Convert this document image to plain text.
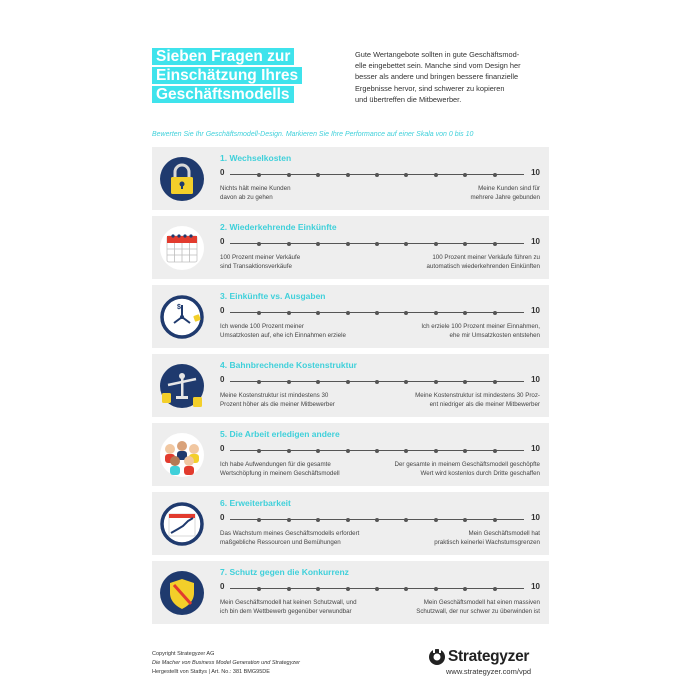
Sieben Fragen zur
Einschätzung Ihres
Geschäftsmodells
Gute Wertangebote sollten in gute Geschäftsmod-
elle eingebettet sein. Manche sind vom Design her
besser als andere und bringen bessere finanzielle
Ergebnisse hervor, sind schwerer zu kopieren
und übertreffen die Mitbewerber.
Bewerten Sie Ihr Geschäftsmodell-Design. Markieren Sie Ihre Performance auf einer Skala von 0 bis 10
1. Wechselkosten
0	10
Nichts hält meine Kunden
davon ab zu gehen
Meine Kunden sind für
mehrere Jahre gebunden
2. Wiederkehrende Einkünfte
0	10
100 Prozent meiner Verkäufe
sind Transaktionsverkäufe
100 Prozent meiner Verkäufe führen zu
automatisch wiederkehrenden Einkünften
$
3. Einkünfte vs. Ausgaben
0	10
Ich wende 100 Prozent meiner
Umsatzkosten auf, ehe ich Einnahmen erziele
Ich erziele 100 Prozent meiner Einnahmen,
ehe mir Umsatzkosten entstehen
4. Bahnbrechende Kostenstruktur
0	10
Meine Kostenstruktur ist mindestens 30
Prozent höher als die meiner Mitbewerber
Meine Kostenstruktur ist mindestens 30 Proz-
ent niedriger als die meiner Mitbewerber
5. Die Arbeit erledigen andere
0	10
Ich habe Aufwendungen für die gesamte
Wertschöpfung in meinem Geschäftsmodell
Der gesamte in meinem Geschäftsmodell geschöpfte
Wert wird kostenlos durch Dritte geschaffen
6. Erweiterbarkeit
0	10
Das Wachstum meines Geschäftsmodells erfordert
maßgebliche Ressourcen und Bemühungen
Mein Geschäftsmodell hat
praktisch keinerlei Wachstumsgrenzen
7. Schutz gegen die Konkurrenz
0	10
Mein Geschäftsmodell hat keinen Schutzwall, und
ich bin dem Wettbewerb gegenüber verwundbar
Mein Geschäftsmodell hat einen massiven
Schutzwall, der nur schwer zu überwinden ist
Copyright Strategyzer AG
Die Macher von Business Model Generation und Strategyzer
Hergestellt von Stattys | Art. No.: 381 BMG95DE
Strategyzer
www.strategyzer.com/vpd
